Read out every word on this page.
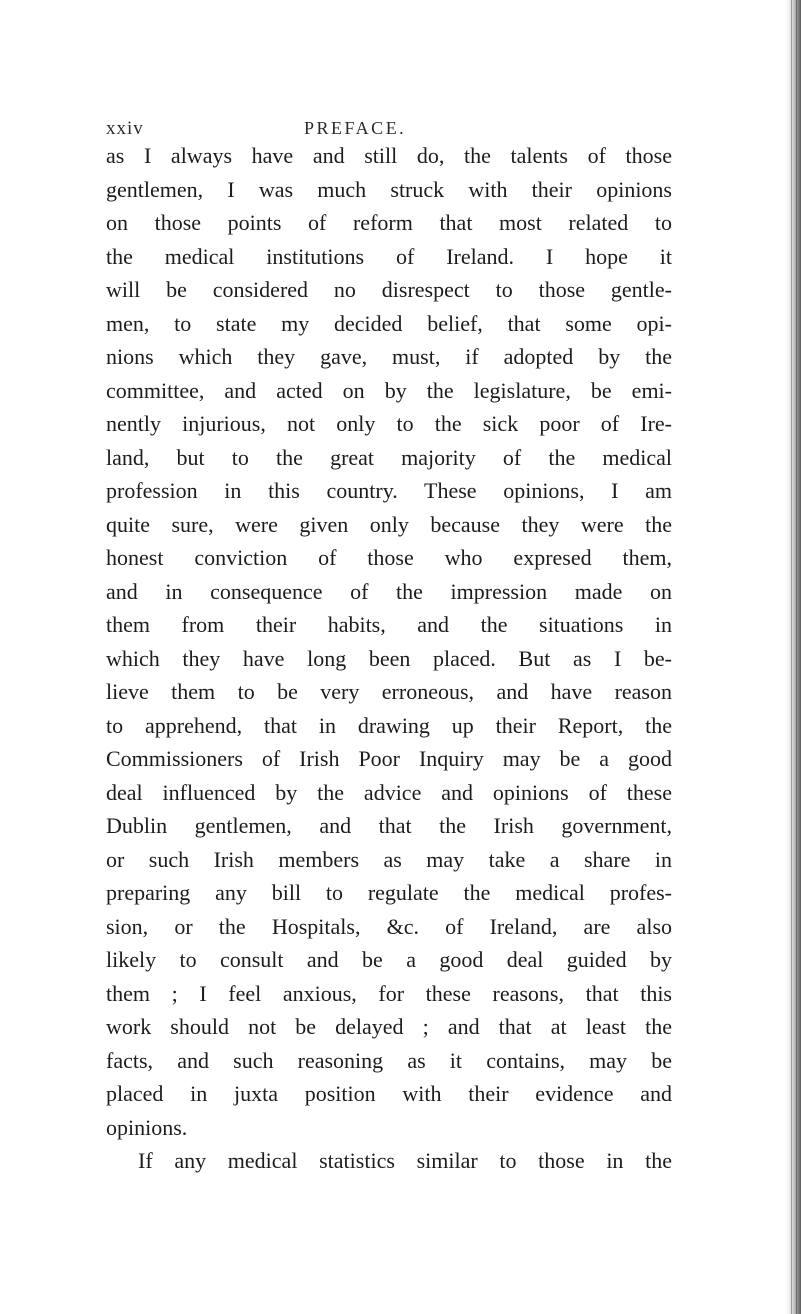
xxiv	PREFACE.
as I always have and still do, the talents of those
gentlemen, I was much struck with their opinions
on those points of reform that most related to
the medical institutions of Ireland. I hope it
will be considered no disrespect to those gentle-
men, to state my decided belief, that some opi-
nions which they gave, must, if adopted by the
committee, and acted on by the legislature, be emi-
nently injurious, not only to the sick poor of Ire-
land, but to the great majority of the medical
profession in this country. These opinions, I am
quite sure, were given only because they were the
honest conviction of those who expresed them,
and in consequence of the impression made on
them from their habits, and the situations in
which they have long been placed. But as I be-
lieve them to be very erroneous, and have reason
to apprehend, that in drawing up their Report, the
Commissioners of Irish Poor Inquiry may be a good
deal influenced by the advice and opinions of these
Dublin gentlemen, and that the Irish government,
or such Irish members as may take a share in
preparing any bill to regulate the medical profes-
sion, or the Hospitals, &c. of Ireland, are also
likely to consult and be a good deal guided by
them ; I feel anxious, for these reasons, that this
work should not be delayed ; and that at least the
facts, and such reasoning as it contains, may be
placed in juxta position with their evidence and
opinions.
If any medical statistics similar to those in the
